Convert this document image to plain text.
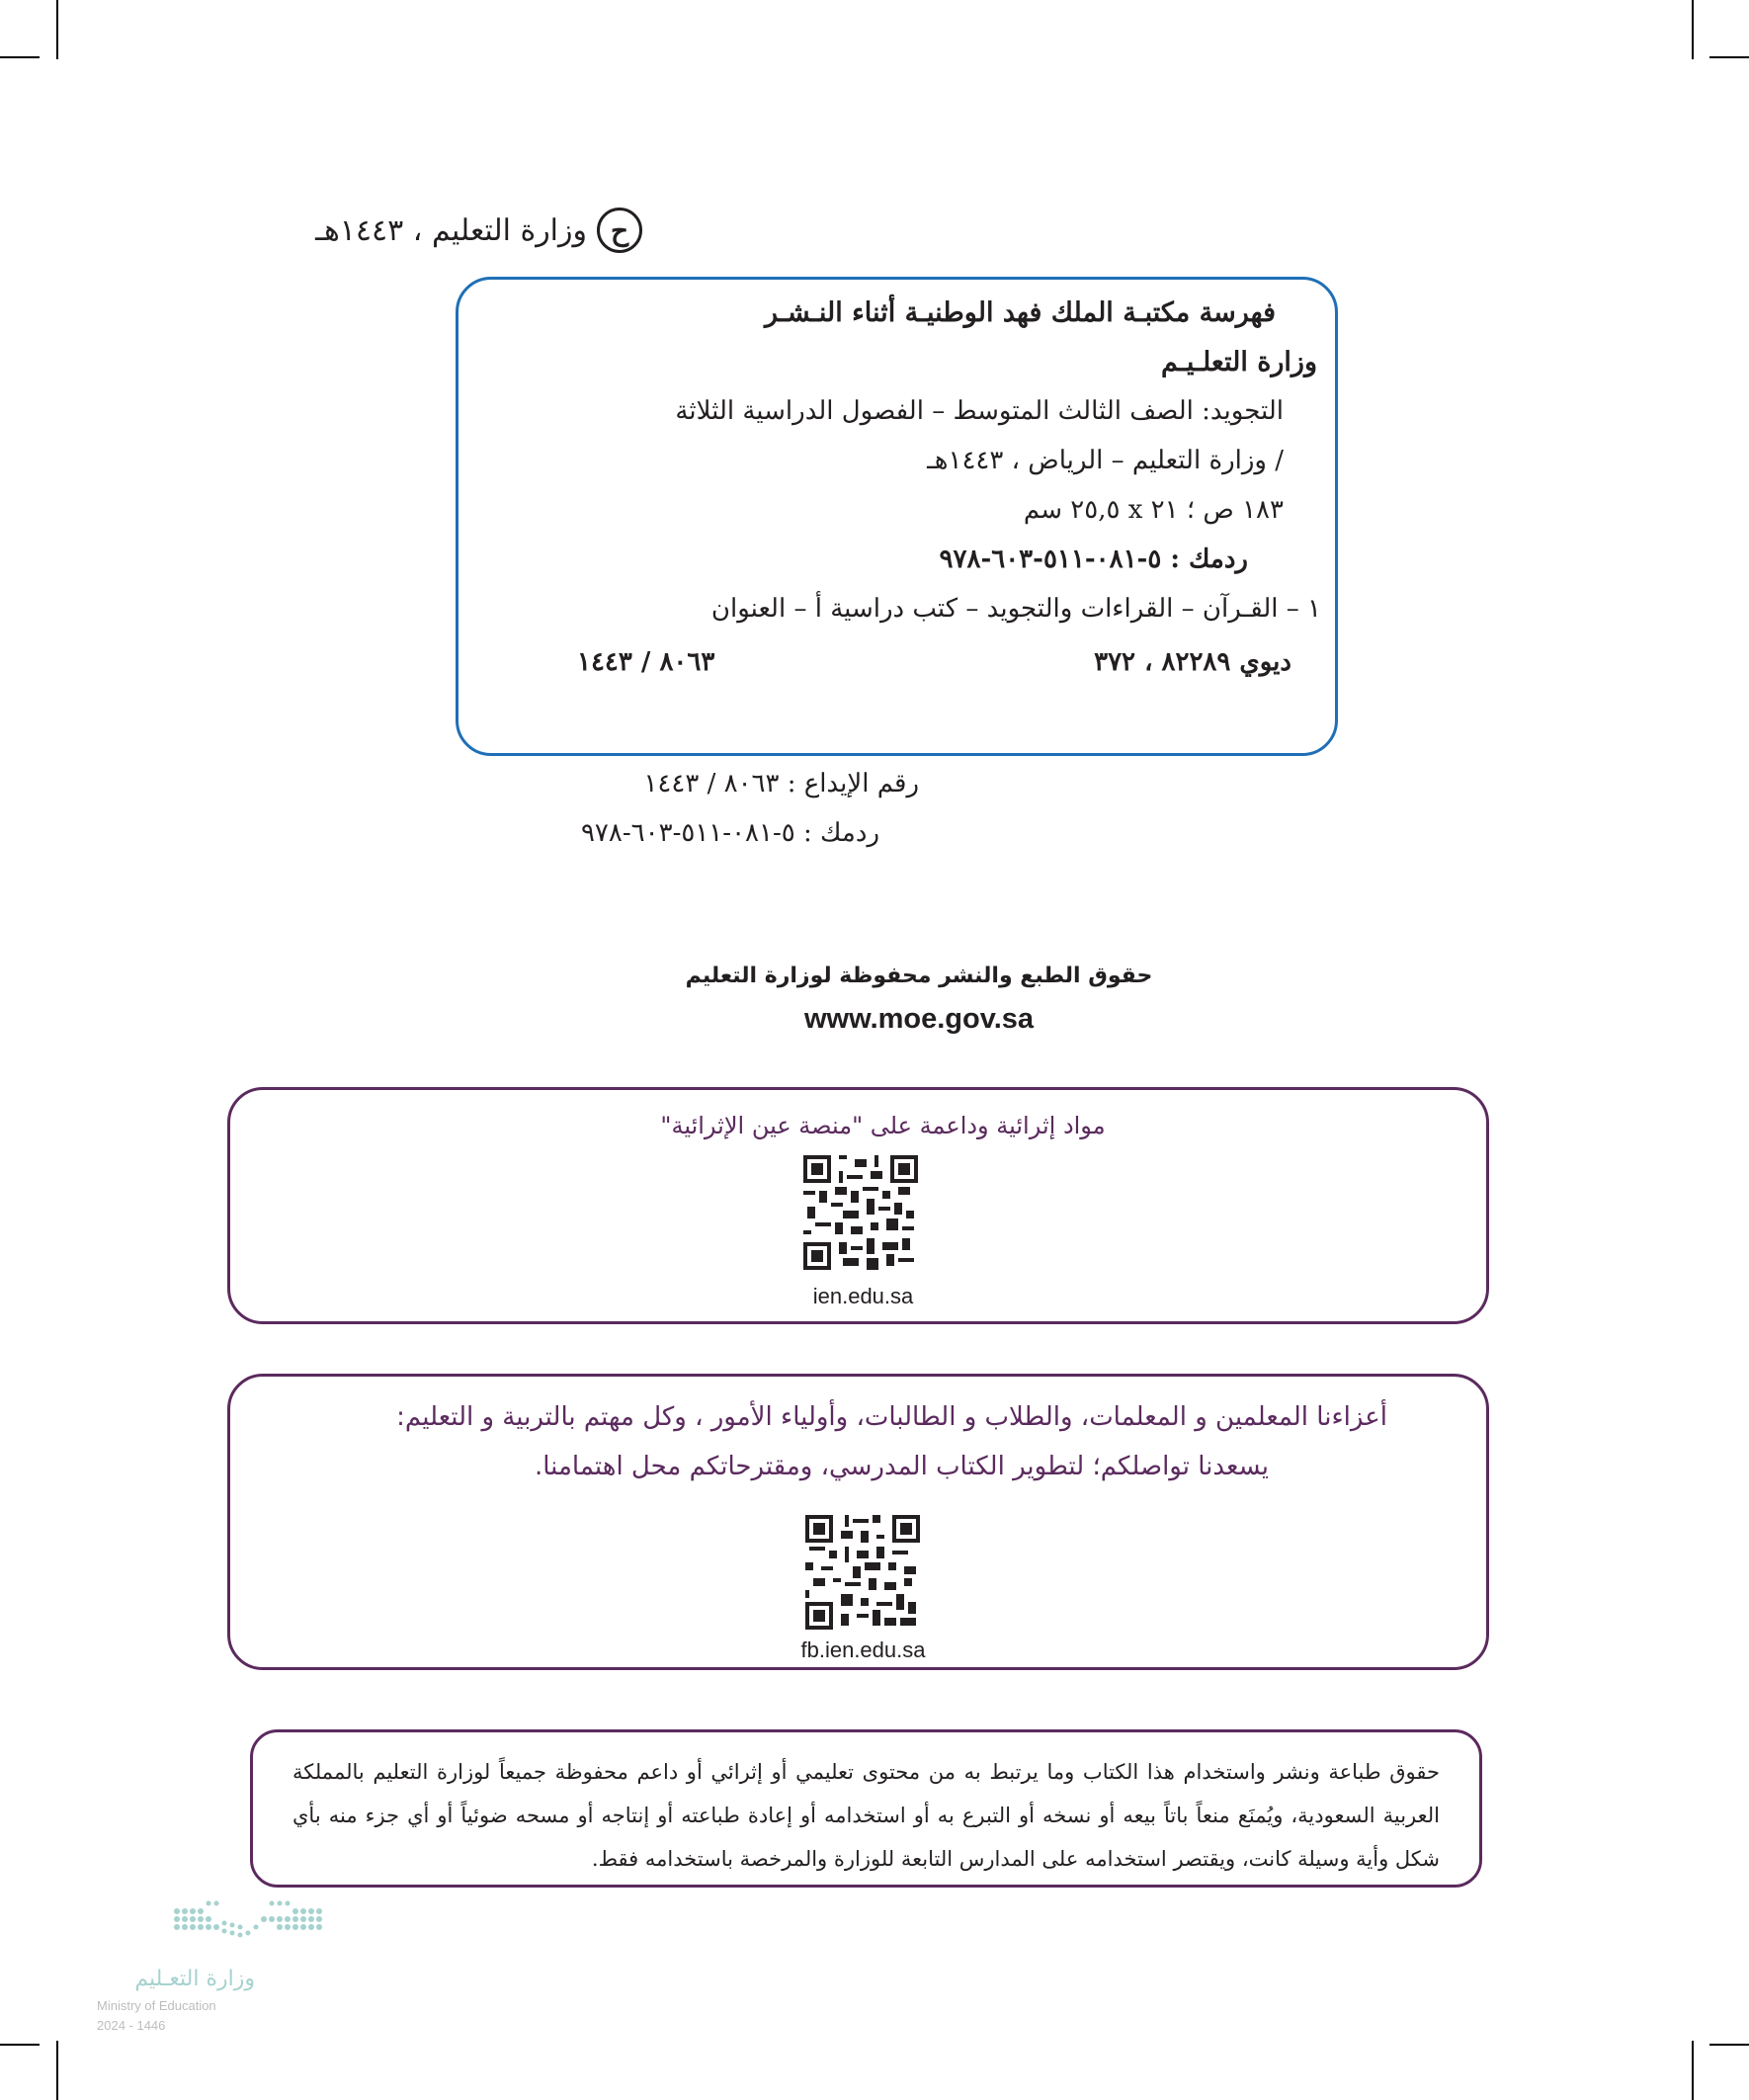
ح
وزارة التعليم ، ١٤٤٣هـ
فهرسة مكتبـة الملك فهد الوطنيـة أثناء النـشـر
وزارة التعلـيـم
التجويد: الصف الثالث المتوسط – الفصول الدراسية الثلاثة
/ وزارة التعليم – الرياض ، ١٤٤٣هـ
١٨٣ ص ؛ ٢١ x ٢٥,٥ سم
ردمك : ٥-٠٨١-٥١١-٦٠٣-٩٧٨
١ – القـرآن – القراءات والتجويد – كتب دراسية أ – العنوان
ديوي ٨٢٢٨٩ ، ٣٧٢
٨٠٦٣ / ١٤٤٣
رقم الإيداع : ٨٠٦٣ / ١٤٤٣
ردمك : ٥-٠٨١-٥١١-٦٠٣-٩٧٨
حقوق الطبع والنشر محفوظة لوزارة التعليم
www.moe.gov.sa
مواد إثرائية وداعمة على "منصة عين الإثرائية"
ien.edu.sa
أعزاءنا المعلمين و المعلمات، والطلاب و الطالبات، وأولياء الأمور ، وكل مهتم بالتربية و التعليم:
يسعدنا تواصلكم؛ لتطوير الكتاب المدرسي، ومقترحاتكم محل اهتمامنا.
fb.ien.edu.sa
حقوق طباعة ونشر واستخدام هذا الكتاب وما يرتبط به من محتوى تعليمي أو إثرائي أو داعم محفوظة جميعاً لوزارة التعليم بالمملكة العربية السعودية، ويُمنَع منعاً باتاً بيعه أو نسخه أو التبرع به أو استخدامه أو إعادة طباعته أو إنتاجه أو مسحه ضوئياً أو أي جزء منه بأي شكل وأية وسيلة كانت، ويقتصر استخدامه على المدارس التابعة للوزارة والمرخصة باستخدامه فقط.
وزارة التعـليم
Ministry of Education
2024 - 1446
